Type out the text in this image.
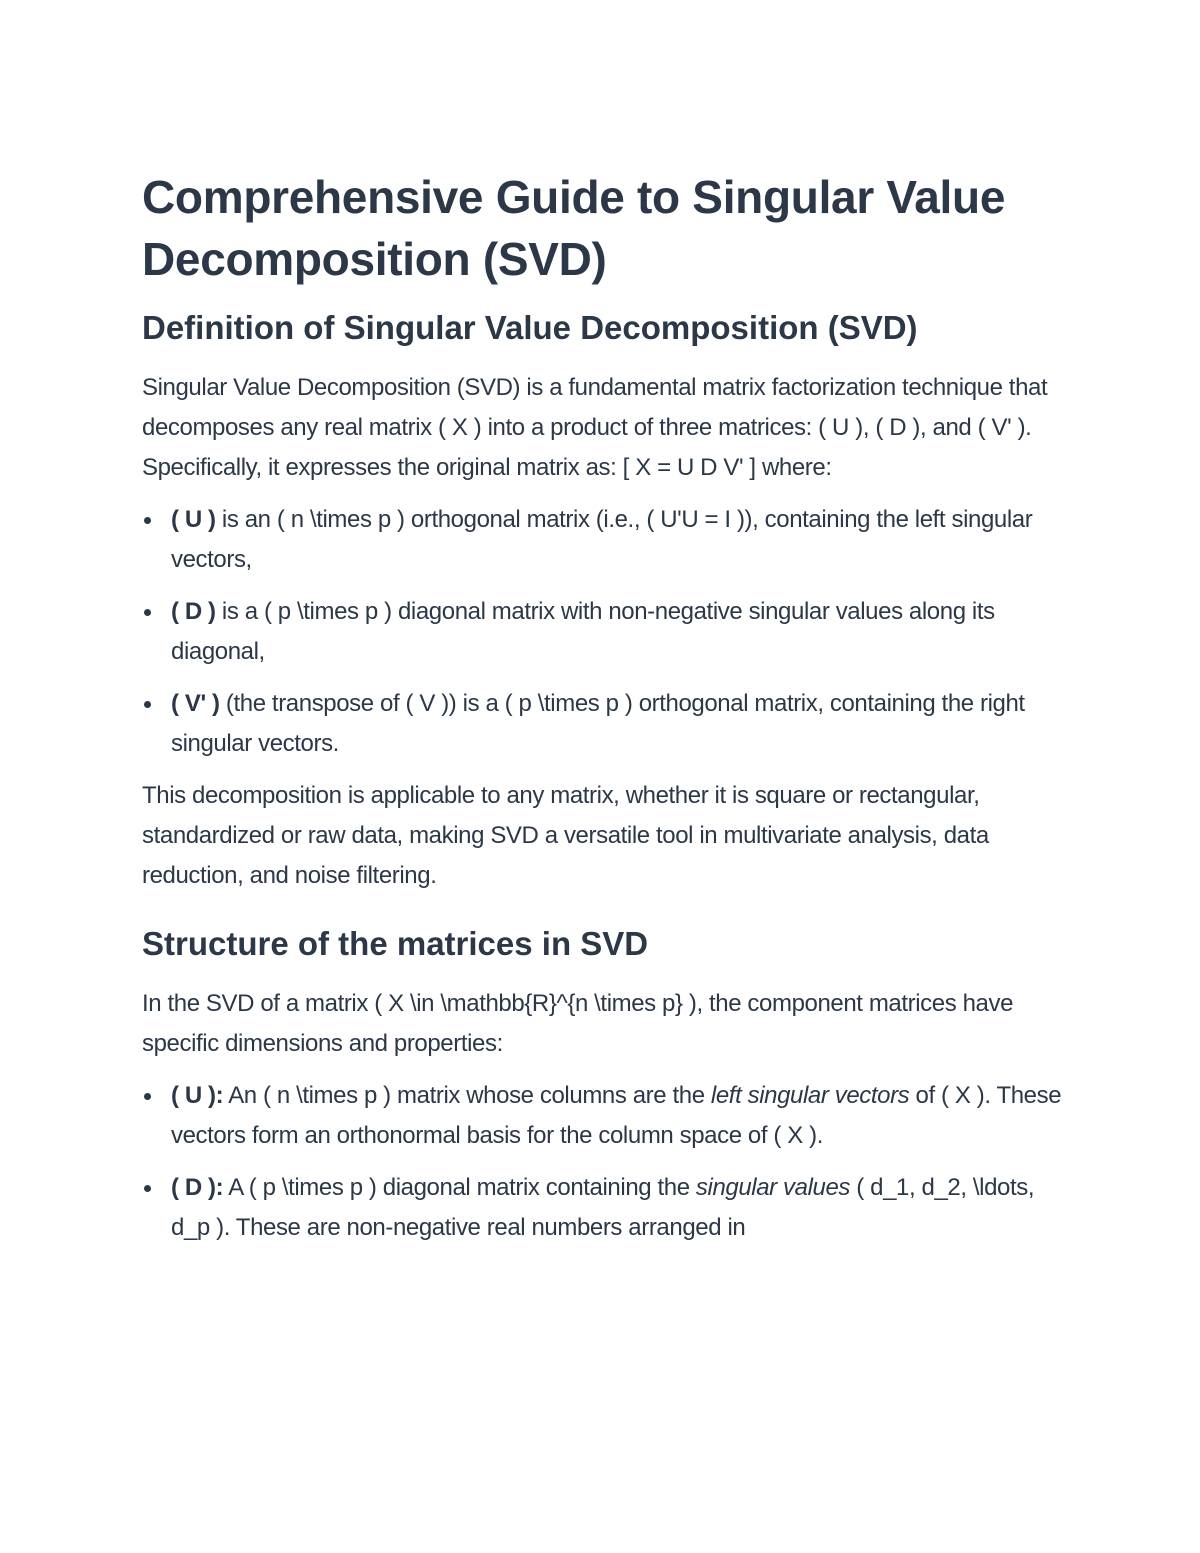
Comprehensive Guide to Singular Value Decomposition (SVD)
Definition of Singular Value Decomposition (SVD)

Singular Value Decomposition (SVD) is a fundamental matrix factorization technique that decomposes any real matrix ( X ) into a product of three matrices: ( U ), ( D ), and ( V' ). Specifically, it expresses the original matrix as: [ X = U D V' ] where:

( U ) is an ( n \times p ) orthogonal matrix (i.e., ( U'U = I )), containing the left singular vectors,
( D ) is a ( p \times p ) diagonal matrix with non-negative singular values along its diagonal,
( V' ) (the transpose of ( V )) is a ( p \times p ) orthogonal matrix, containing the right singular vectors.

This decomposition is applicable to any matrix, whether it is square or rectangular, standardized or raw data, making SVD a versatile tool in multivariate analysis, data reduction, and noise filtering.

Structure of the matrices in SVD

In the SVD of a matrix ( X \in \mathbb{R}^{n \times p} ), the component matrices have specific dimensions and properties:

( U ): An ( n \times p ) matrix whose columns are the left singular vectors of ( X ). These vectors form an orthonormal basis for the column space of ( X ).
( D ): A ( p \times p ) diagonal matrix containing the singular values ( d_1, d_2, \ldots, d_p ). These are non-negative real numbers arranged in
